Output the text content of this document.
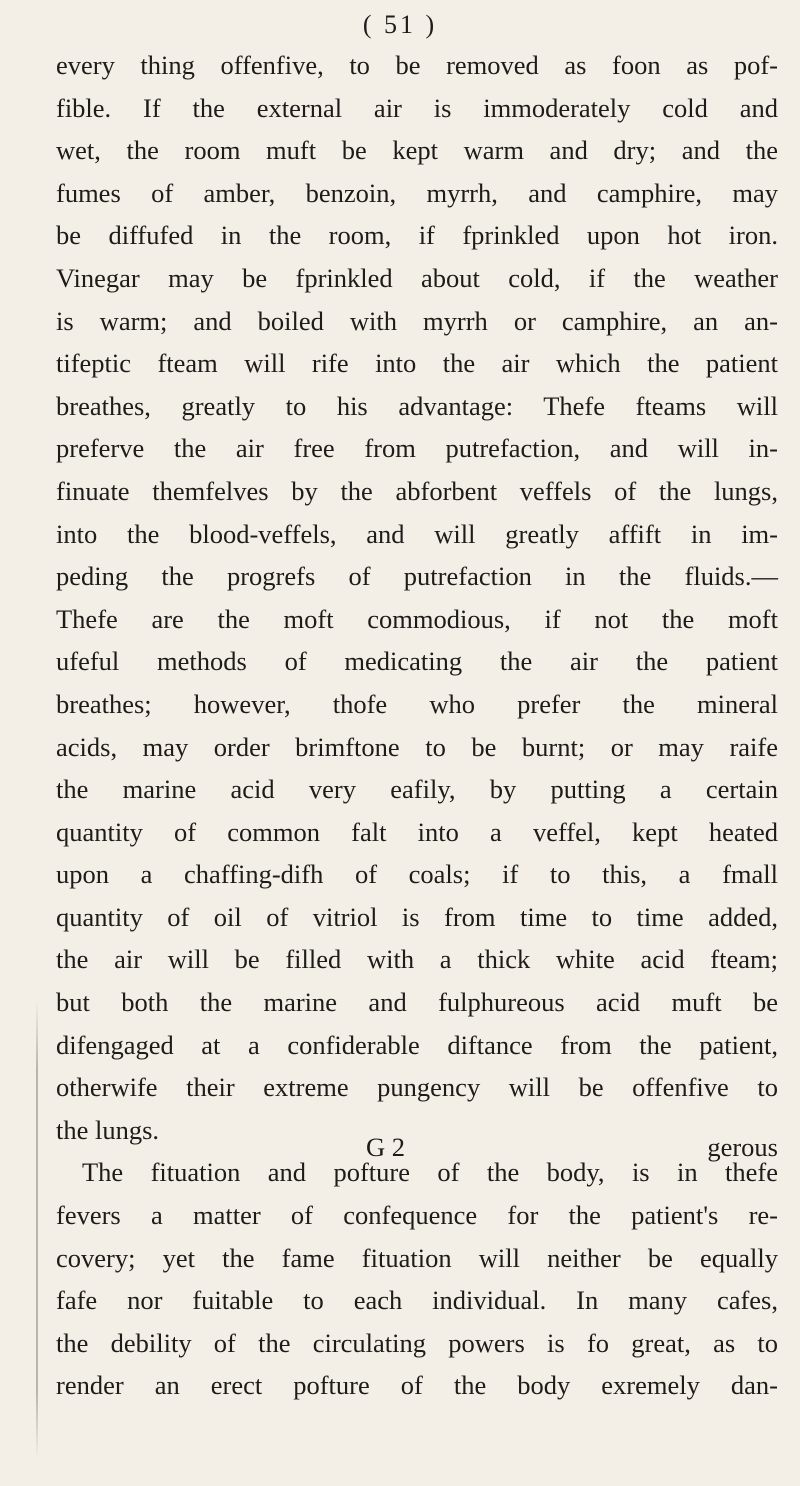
( 51 )
every thing offenfive, to be removed as foon as pof-
fible. If the external air is immoderately cold and
wet, the room muft be kept warm and dry; and the
fumes of amber, benzoin, myrrh, and camphire, may
be diffufed in the room, if fprinkled upon hot iron.
Vinegar may be fprinkled about cold, if the weather
is warm; and boiled with myrrh or camphire, an an-
tifeptic fteam will rife into the air which the patient
breathes, greatly to his advantage: Thefe fteams will
preferve the air free from putrefaction, and will in-
finuate themfelves by the abforbent veffels of the lungs,
into the blood-veffels, and will greatly affift in im-
peding the progrefs of putrefaction in the fluids.—
Thefe are the moft commodious, if not the moft
ufeful methods of medicating the air the patient
breathes; however, thofe who prefer the mineral
acids, may order brimftone to be burnt; or may raife
the marine acid very eafily, by putting a certain
quantity of common falt into a veffel, kept heated
upon a chaffing-difh of coals; if to this, a fmall
quantity of oil of vitriol is from time to time added,
the air will be filled with a thick white acid fteam;
but both the marine and fulphureous acid muft be
difengaged at a confiderable diftance from the patient,
otherwife their extreme pungency will be offenfive to
the lungs.
The fituation and pofture of the body, is in thefe
fevers a matter of confequence for the patient's re-
covery; yet the fame fituation will neither be equally
fafe nor fuitable to each individual. In many cafes,
the debility of the circulating powers is fo great, as to
render an erect pofture of the body exremely dan-
G 2	gerous
